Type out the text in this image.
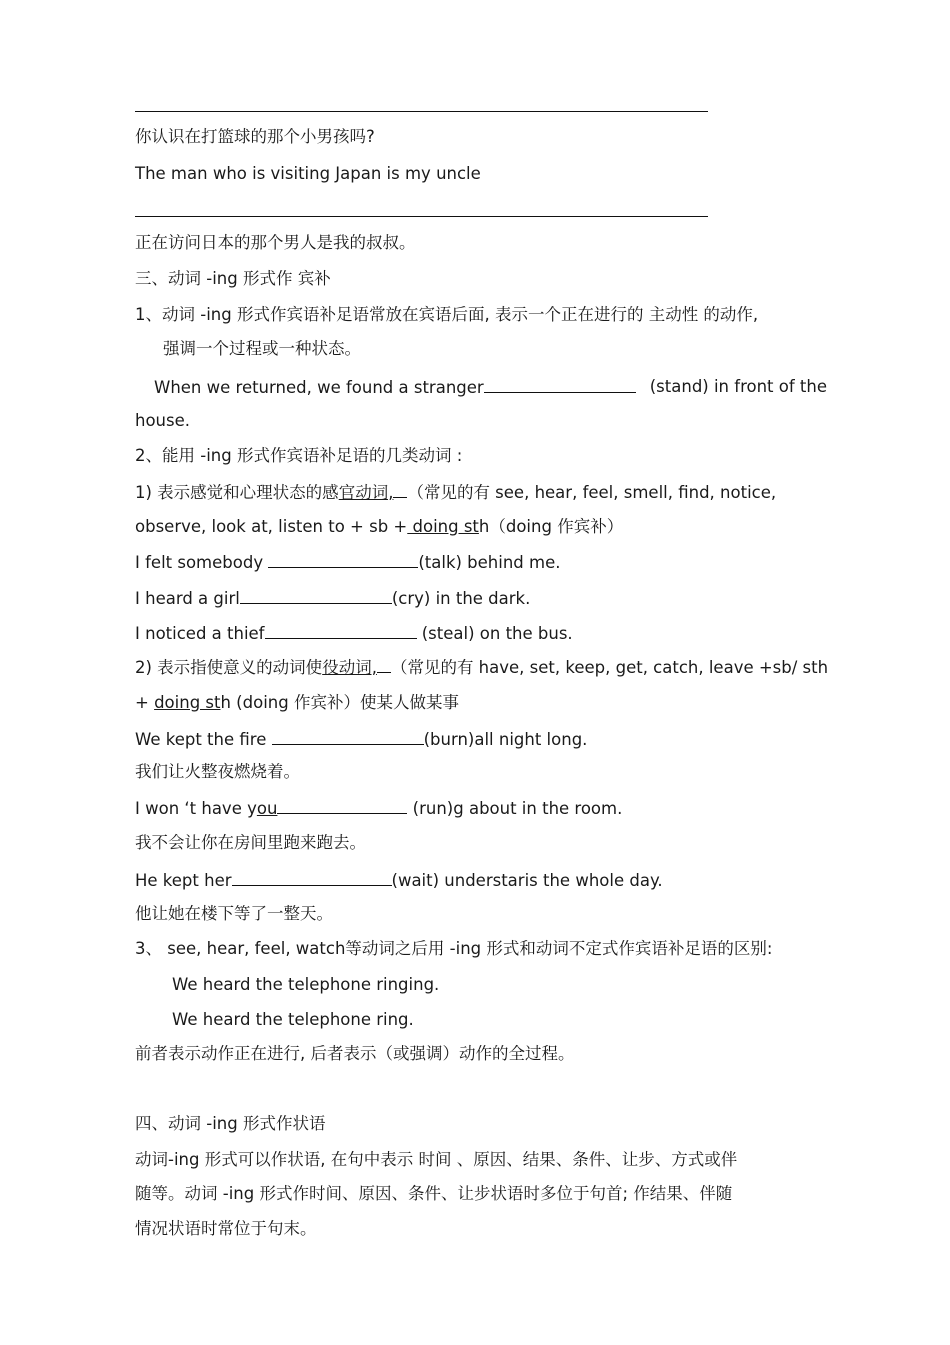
你认识在打篮球的那个小男孩吗?
The man who is visiting Japan is my uncle
正在访问日本的那个男人是我的叔叔。
三、动词 -ing 形式作 宾补
1、动词 -ing 形式作宾语补足语常放在宾语后面, 表示一个正在进行的 主动性 的动作,
强调一个过程或一种状态。
When we returned, we found a stranger	(stand) in front of the
house.
2、能用 -ing 形式作宾语补足语的几类动词 :
1) 表示感觉和心理状态的感官动词, （常见的有 see, hear, feel, smell, find, notice,
observe, look at, listen to + sb + doing sth（doing 作宾补）
I felt somebody	(talk) behind me.
I heard a girl	(cry) in the dark.
I noticed a thief	(steal) on the bus.
2) 表示指使意义的动词使役动词, （常见的有 have, set, keep, get, catch, leave +sb/ sth
+ doing sth (doing 作宾补）使某人做某事
We kept the fire	(burn)all night long.
我们让火整夜燃烧着。
I won ‘t have you	(run)g about in the room.
我不会让你在房间里跑来跑去。
He kept her	(wait) understaris the whole day.
他让她在楼下等了一整天。
3、 see, hear, feel, watch等动词之后用 -ing 形式和动词不定式作宾语补足语的区别:
We heard the telephone ringing.
We heard the telephone ring.
前者表示动作正在进行, 后者表示（或强调）动作的全过程。
四、动词 -ing 形式作状语
动词-ing 形式可以作状语, 在句中表示 时间 、原因、结果、条件、让步、方式或伴
随等。动词 -ing 形式作时间、原因、条件、让步状语时多位于句首; 作结果、伴随
情况状语时常位于句末。
